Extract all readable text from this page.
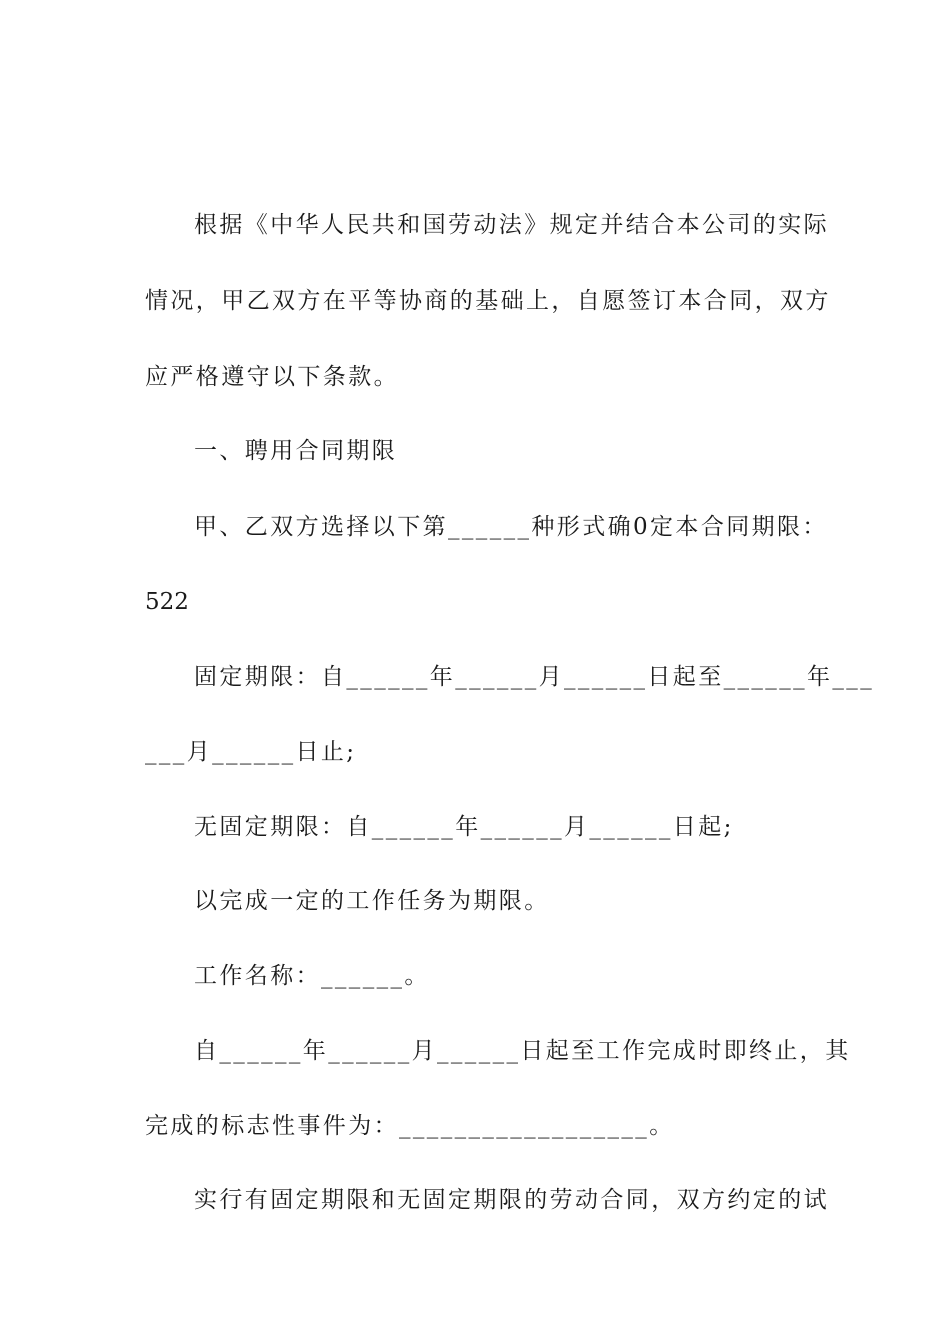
根据《中华人民共和国劳动法》规定并结合本公司的实际
情况，甲乙双方在平等协商的基础上，自愿签订本合同，双方
应严格遵守以下条款。
一、聘用合同期限
甲、乙双方选择以下第______种形式确0定本合同期限：
522
固定期限：自______年______月______日起至______年___
___月______日止;
无固定期限：自______年______月______日起;
以完成一定的工作任务为期限。
工作名称：______。
自______年______月______日起至工作完成时即终止，其
完成的标志性事件为：__________________。
实行有固定期限和无固定期限的劳动合同，双方约定的试
